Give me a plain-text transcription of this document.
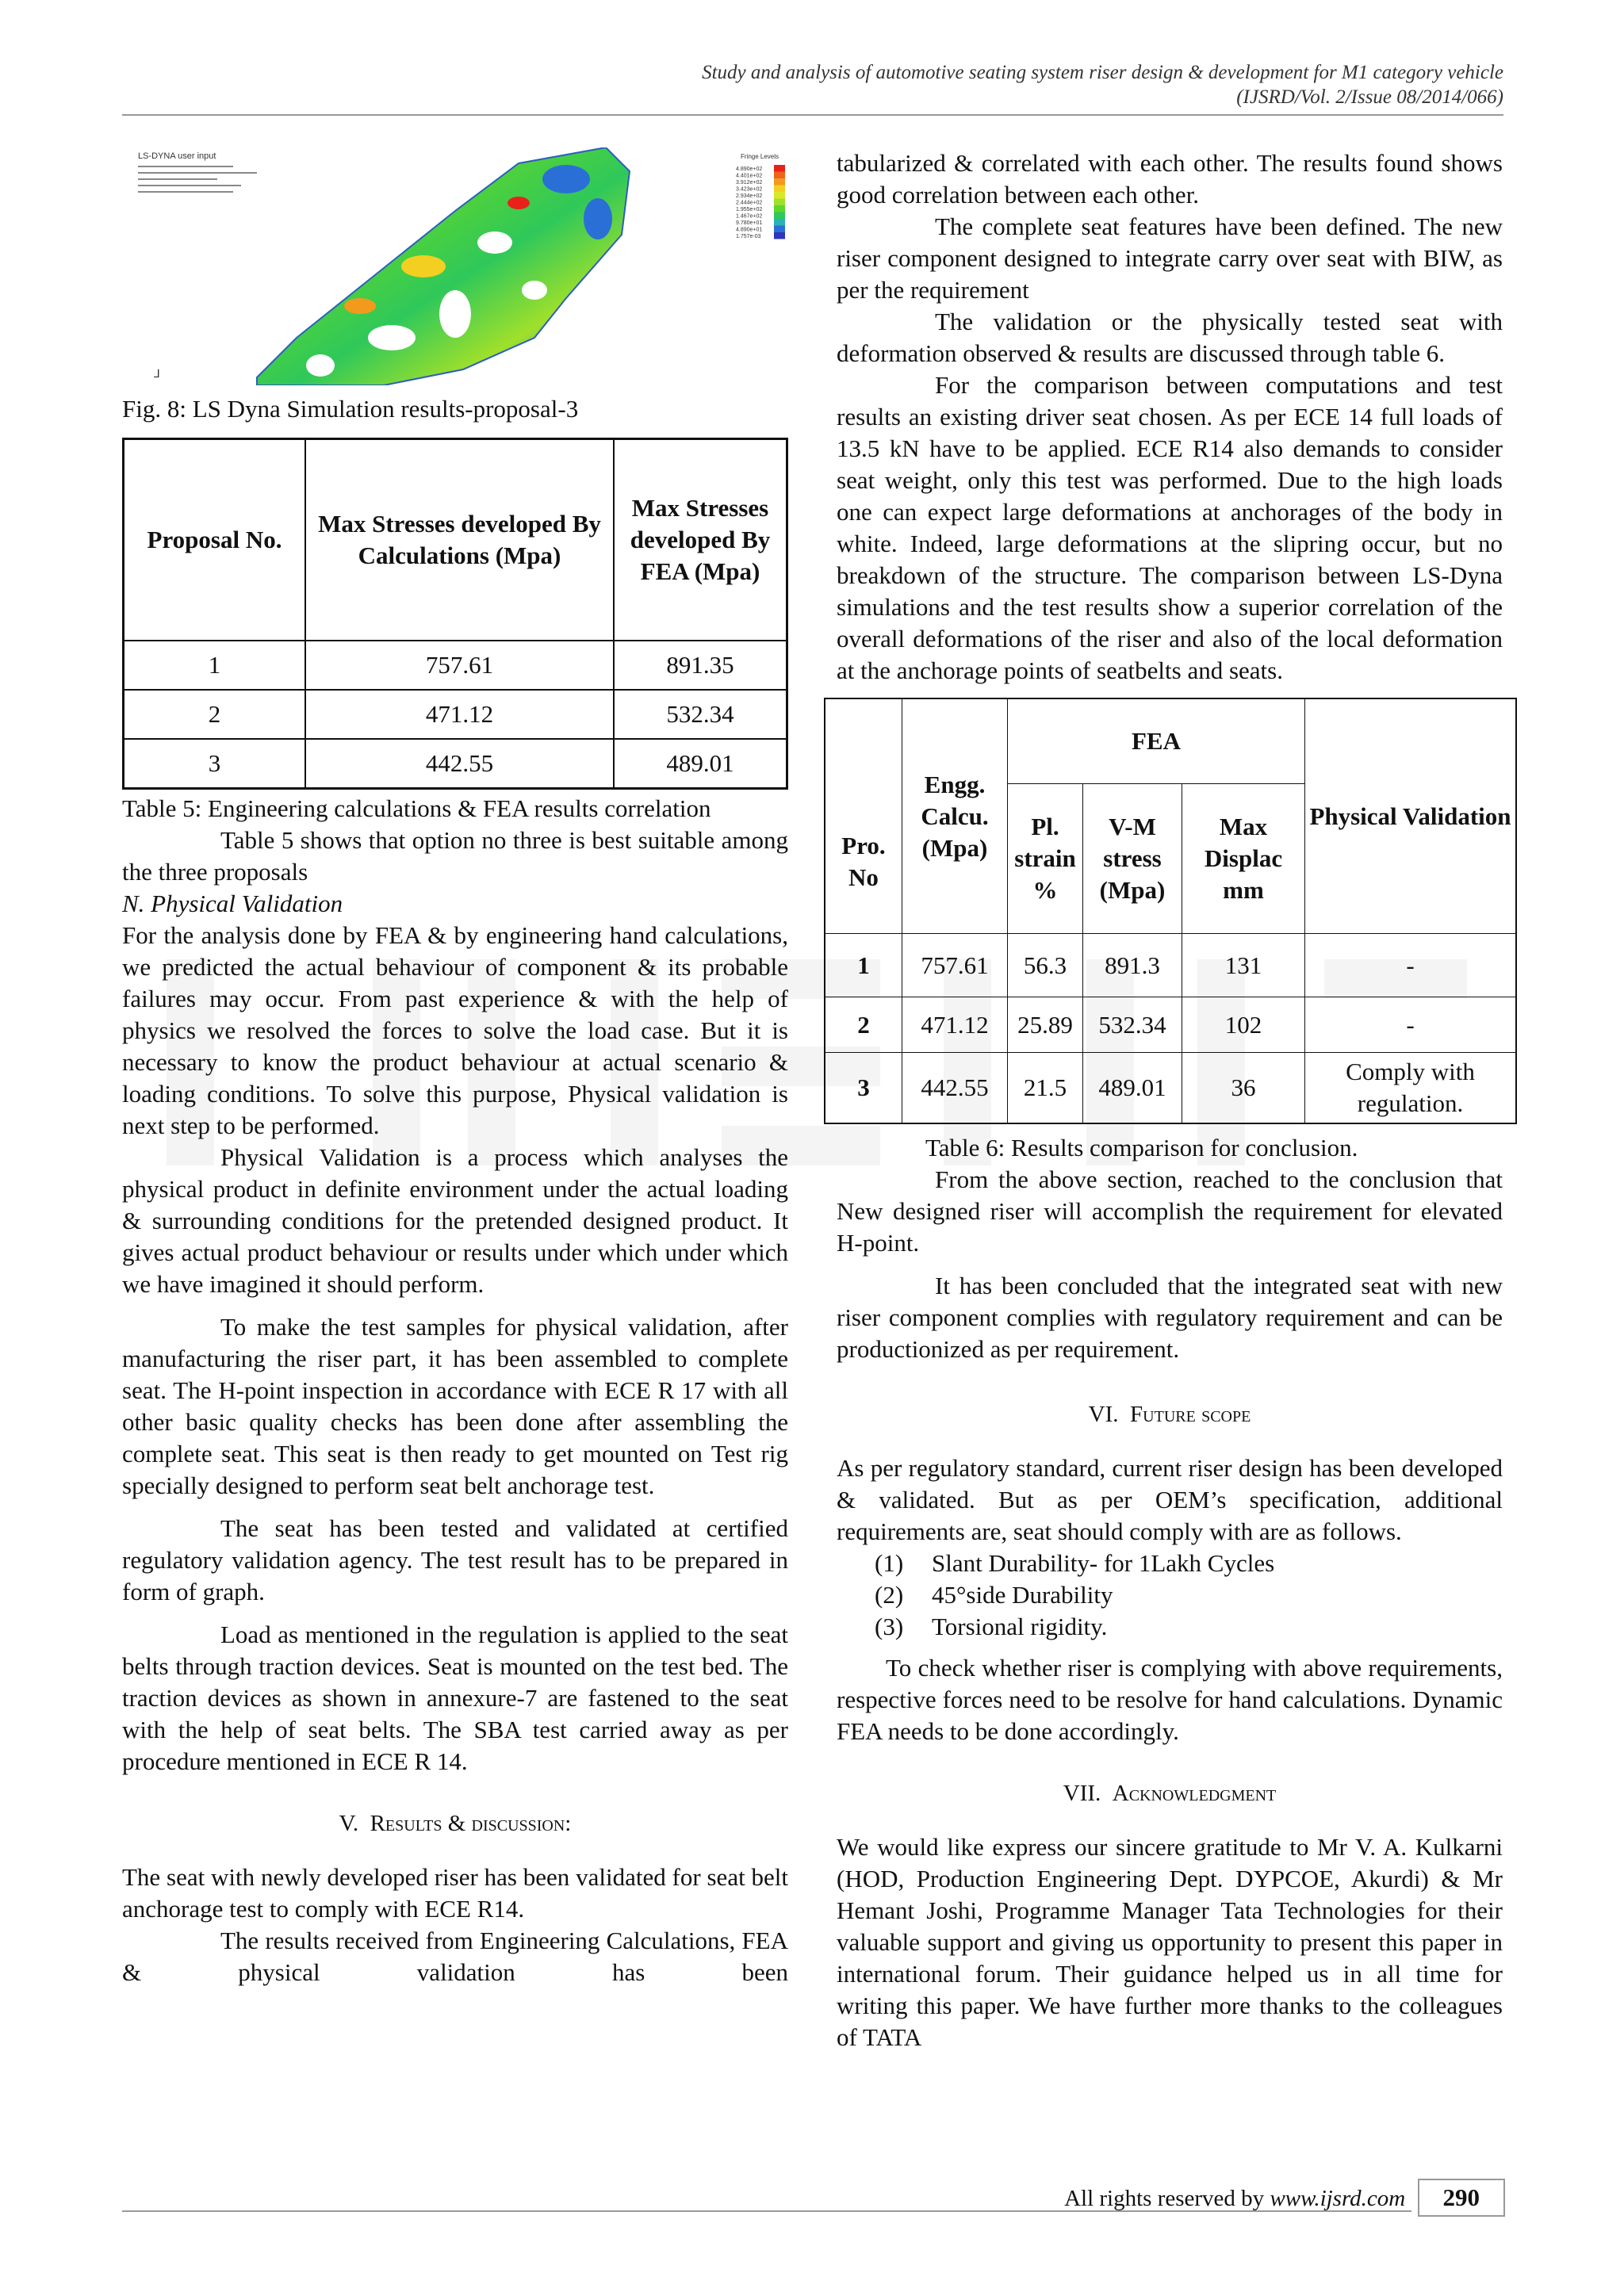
Study and analysis of automotive seating system riser design & development for M1 category vehicle
(IJSRD/Vol. 2/Issue 08/2014/066)
LS-DYNA user input
⅃
Fringe Levels
4.890e+02
4.401e+02
3.912e+02
3.423e+02
2.934e+02
2.444e+02
1.955e+02
1.467e+02
9.780e+01
4.890e+01
1.757e-03

Fig. 8: LS Dyna Simulation results-proposal-3

Proposal No.	Max Stresses developed By Calculations (Mpa)	Max Stresses developed By FEA (Mpa)
1	757.61	891.35
2	471.12	532.34
3	442.55	489.01

Table 5: Engineering calculations & FEA results correlation

Table 5 shows that option no three is best suitable among the three proposals

N. Physical Validation

For the analysis done by FEA & by engineering hand calculations, we predicted the actual behaviour of component & its probable failures may occur. From past experience & with the help of physics we resolved the forces to solve the load case. But it is necessary to know the product behaviour at actual scenario & loading conditions. To solve this purpose, Physical validation is next step to be performed.

Physical Validation is a process which analyses the physical product in definite environment under the actual loading & surrounding conditions for the pretended designed product. It gives actual product behaviour or results under which under which we have imagined it should perform.

To make the test samples for physical validation, after manufacturing the riser part, it has been assembled to complete seat. The H-point inspection in accordance with ECE R 17 with all other basic quality checks has been done after assembling the complete seat. This seat is then ready to get mounted on Test rig specially designed to perform seat belt anchorage test.

The seat has been tested and validated at certified regulatory validation agency. The test result has to be prepared in form of graph.

Load as mentioned in the regulation is applied to the seat belts through traction devices. Seat is mounted on the test bed. The traction devices as shown in annexure-7 are fastened to the seat with the help of seat belts. The SBA test carried away as per procedure mentioned in ECE R 14.

V. Results & discussion:

The seat with newly developed riser has been validated for seat belt anchorage test to comply with ECE R14.

The results received from Engineering Calculations, FEA & physical validation has been

tabularized & correlated with each other. The results found shows good correlation between each other.

The complete seat features have been defined. The new riser component designed to integrate carry over seat with BIW, as per the requirement

The validation or the physically tested seat with deformation observed & results are discussed through table 6.

For the comparison between computations and test results an existing driver seat chosen. As per ECE 14 full loads of 13.5 kN have to be applied. ECE R14 also demands to consider seat weight, only this test was performed. Due to the high loads one can expect large deformations at anchorages of the body in white. Indeed, large deformations at the slipring occur, but no breakdown of the structure. The comparison between LS-Dyna simulations and the test results show a superior correlation of the overall deformations of the riser and also of the local deformation at the anchorage points of seatbelts and seats.

Pro. No	Engg. Calcu. (Mpa)	FEA			Physical Validation
		Pl. strain %	V-M stress (Mpa)	Max Displac mm	
1	757.61	56.3	891.3	131	-
2	471.12	25.89	532.34	102	-
3	442.55	21.5	489.01	36	Comply with regulation.

Table 6: Results comparison for conclusion.

From the above section, reached to the conclusion that New designed riser will accomplish the requirement for elevated H-point.

It has been concluded that the integrated seat with new riser component complies with regulatory requirement and can be productionized as per requirement.

VI. Future scope

As per regulatory standard, current riser design has been developed & validated. But as per OEM’s specification, additional requirements are, seat should comply with are as follows.

(1) Slant Durability- for 1Lakh Cycles
(2) 45°side Durability
(3) Torsional rigidity.

To check whether riser is complying with above requirements, respective forces need to be resolve for hand calculations. Dynamic FEA needs to be done accordingly.

VII. Acknowledgment

We would like express our sincere gratitude to Mr V. A. Kulkarni (HOD, Production Engineering Dept. DYPCOE, Akurdi) & Mr Hemant Joshi, Programme Manager Tata Technologies for their valuable support and giving us opportunity to present this paper in international forum. Their guidance helped us in all time for writing this paper. We have further more thanks to the colleagues of TATA

All rights reserved by www.ijsrd.com 290
